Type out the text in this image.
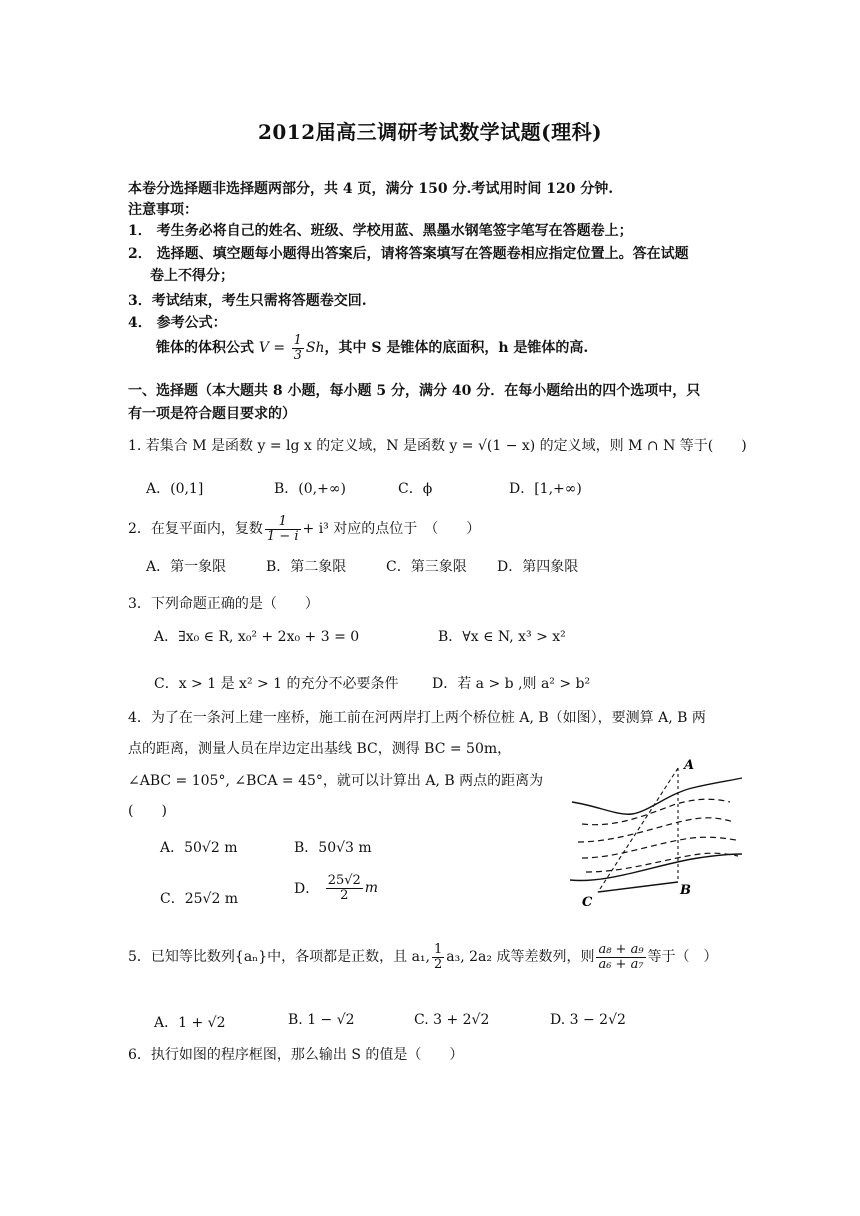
2012届高三调研考试数学试题(理科)
本卷分选择题非选择题两部分，共 4 页，满分 150 分.考试用时间 120 分钟.
注意事项：
1． 考生务必将自己的姓名、班级、学校用蓝、黑墨水钢笔签字笔写在答题卷上；
2． 选择题、填空题每小题得出答案后，请将答案填写在答题卷相应指定位置上。答在试题
卷上不得分；
3．考试结束，考生只需将答题卷交回.
4． 参考公式：
锥体的体积公式 $V = \frac{1}{3}$ Sh，其中 S 是锥体的底面积，h 是锥体的高.
一、选择题（本大题共 8 小题，每小题 5 分，满分 40 分．在每小题给出的四个选项中，只
有一项是符合题目要求的）
1. 若集合 M 是函数 y = lg x 的定义域，N 是函数 y = √(1 − x) 的定义域，则 M ∩ N 等于(　　)
A．(0,1]	B．(0,+∞)	C．ϕ	D．[1,+∞)
2．在复平面内，复数 $\frac{1}{1 - i} + i^3$ 对应的点位于　（　　）
A．第一象限	B．第二象限	C．第三象限 D．第四象限
3．下列命题正确的是（　　）
A．∃x₀ ∈ R, x₀² + 2x₀ + 3 = 0	B．∀x ∈ N, x³ > x²
C．x > 1 是 x² > 1 的充分不必要条件 D．若 a > b ,则 a² > b²
4．为了在一条河上建一座桥，施工前在河两岸打上两个桥位桩 A, B（如图），要测算 A, B 两
点的距离，测量人员在岸边定出基线 BC，测得 BC = 50m，
∠ABC = 105°, ∠BCA = 45°，就可以计算出 A, B 两点的距离为
(　　)
A．50√2 m	B．50√3 m
C．25√2 m
D． $\frac{25√2}{2}$ m
A
B
C
5．已知等比数列{aₙ}中，各项都是正数，且 a₁, $\frac{1}{2} a_3$, 2a₂ 成等差数列，则 $\frac{\text{a₈ + a₉}}{\text{a₆ + a₇}}$ 等于（　）
A．1 + √2	B. 1 − √2	C. 3 + 2√2	D. 3 − 2√2
6．执行如图的程序框图，那么输出 S 的值是（　　）
